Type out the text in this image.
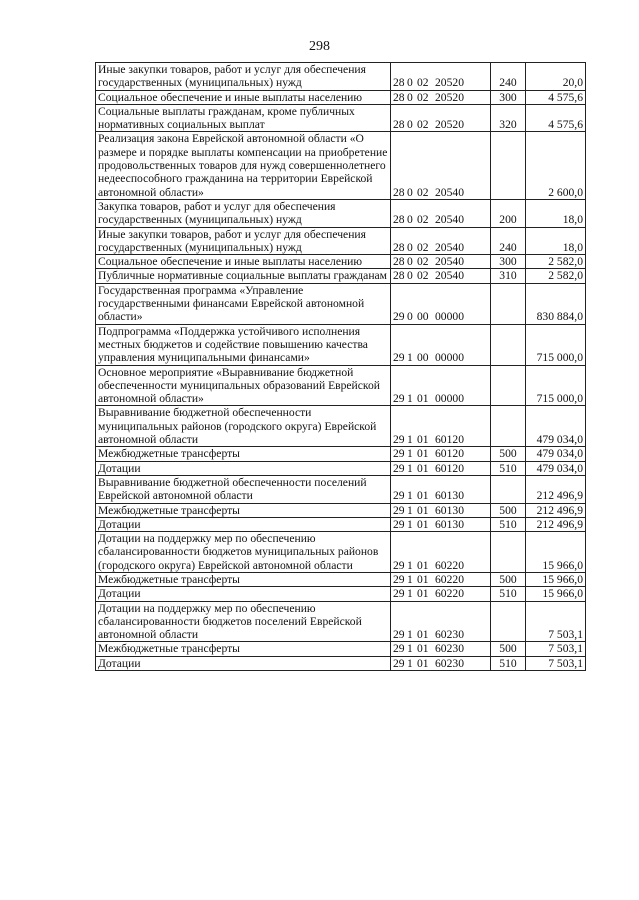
298
Иные закупки товаров, работ и услуг для обеспечения государственных (муниципальных) нужд	28 0 02 20520	240	20,0
Социальное обеспечение и иные выплаты населению	28 0 02 20520	300	4 575,6
Социальные выплаты гражданам, кроме публичных нормативных социальных выплат	28 0 02 20520	320	4 575,6
Реализация закона Еврейской автономной области «О размере и порядке выплаты компенсации на приобретение продовольственных товаров для нужд совершеннолетнего недееспособного гражданина на территории Еврейской автономной области»	28 0 02 20540		2 600,0
Закупка товаров, работ и услуг для обеспечения государственных (муниципальных) нужд	28 0 02 20540	200	18,0
Иные закупки товаров, работ и услуг для обеспечения государственных (муниципальных) нужд	28 0 02 20540	240	18,0
Социальное обеспечение и иные выплаты населению	28 0 02 20540	300	2 582,0
Публичные нормативные социальные выплаты гражданам	28 0 02 20540	310	2 582,0
Государственная программа «Управление государственными финансами Еврейской автономной области»	29 0 00 00000		830 884,0
Подпрограмма «Поддержка устойчивого исполнения местных бюджетов и содействие повышению качества управления муниципальными финансами»	29 1 00 00000		715 000,0
Основное мероприятие «Выравнивание бюджетной обеспеченности муниципальных образований Еврейской автономной области»	29 1 01 00000		715 000,0
Выравнивание бюджетной обеспеченности муниципальных районов (городского округа) Еврейской автономной области	29 1 01 60120		479 034,0
Межбюджетные трансферты	29 1 01 60120	500	479 034,0
Дотации	29 1 01 60120	510	479 034,0
Выравнивание бюджетной обеспеченности поселений Еврейской автономной области	29 1 01 60130		212 496,9
Межбюджетные трансферты	29 1 01 60130	500	212 496,9
Дотации	29 1 01 60130	510	212 496,9
Дотации на поддержку мер по обеспечению сбалансированности бюджетов муниципальных районов (городского округа) Еврейской автономной области	29 1 01 60220		15 966,0
Межбюджетные трансферты	29 1 01 60220	500	15 966,0
Дотации	29 1 01 60220	510	15 966,0
Дотации на поддержку мер по обеспечению сбалансированности бюджетов поселений Еврейской автономной области	29 1 01 60230		7 503,1
Межбюджетные трансферты	29 1 01 60230	500	7 503,1
Дотации	29 1 01 60230	510	7 503,1
